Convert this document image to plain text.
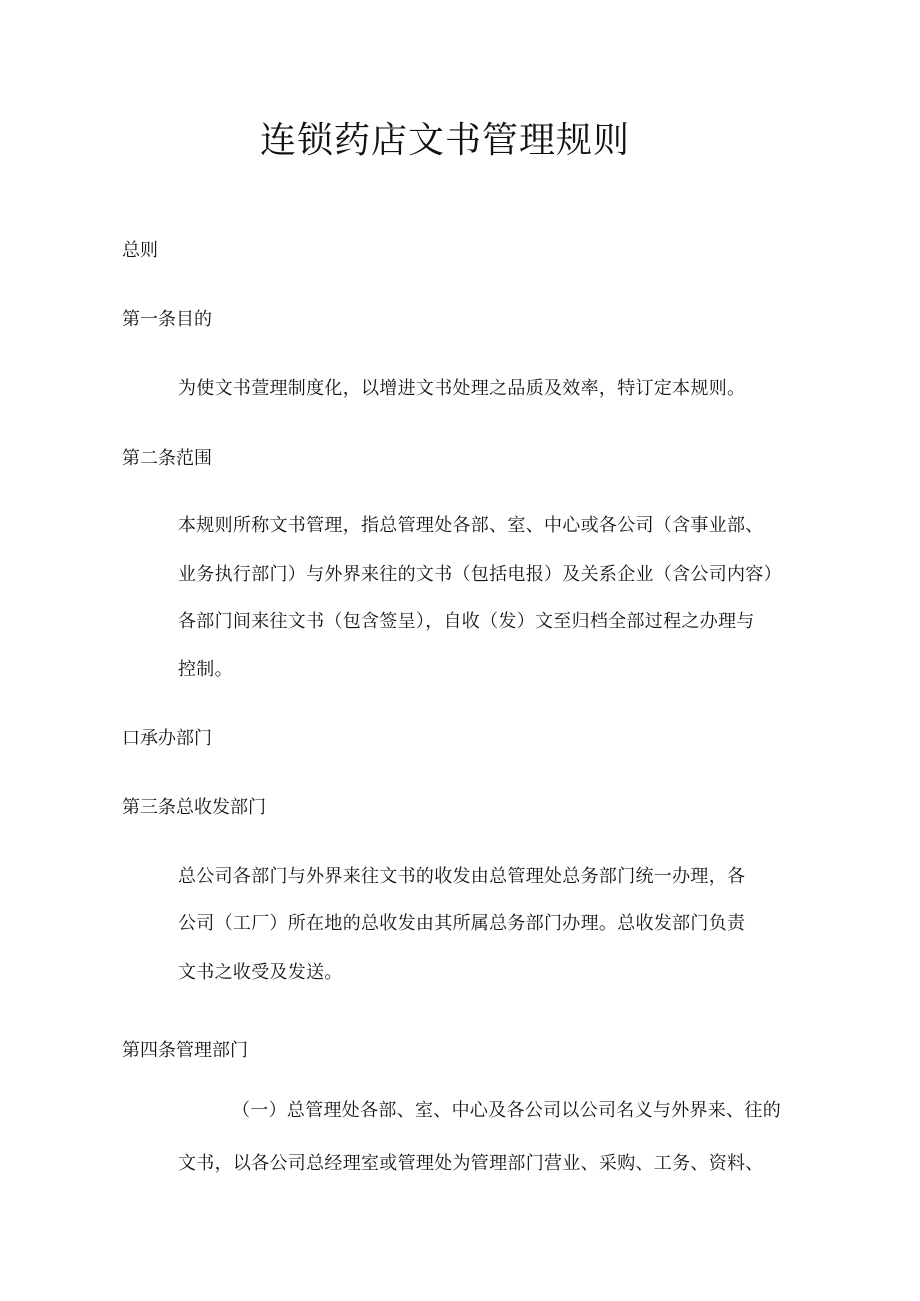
连锁药店文书管理规则
总则
第一条目的
为使文书萱理制度化，以增进文书处理之品质及效率，特订定本规则。
第二条范围
本规则所称文书管理，指总管理处各部、室、中心或各公司（含事业部、
业务执行部门）与外界来往的文书（包括电报）及关系企业（含公司内容）
各部门间来往文书（包含签呈），自收（发）文至归档全部过程之办理与
控制。
口承办部门
第三条总收发部门
总公司各部门与外界来往文书的收发由总管理处总务部门统一办理，各
公司（工厂）所在地的总收发由其所属总务部门办理。总收发部门负责
文书之收受及发送。
第四条管理部门
（一）总管理处各部、室、中心及各公司以公司名义与外界来、往的
文书，以各公司总经理室或管理处为管理部门营业、采购、工务、资料、
